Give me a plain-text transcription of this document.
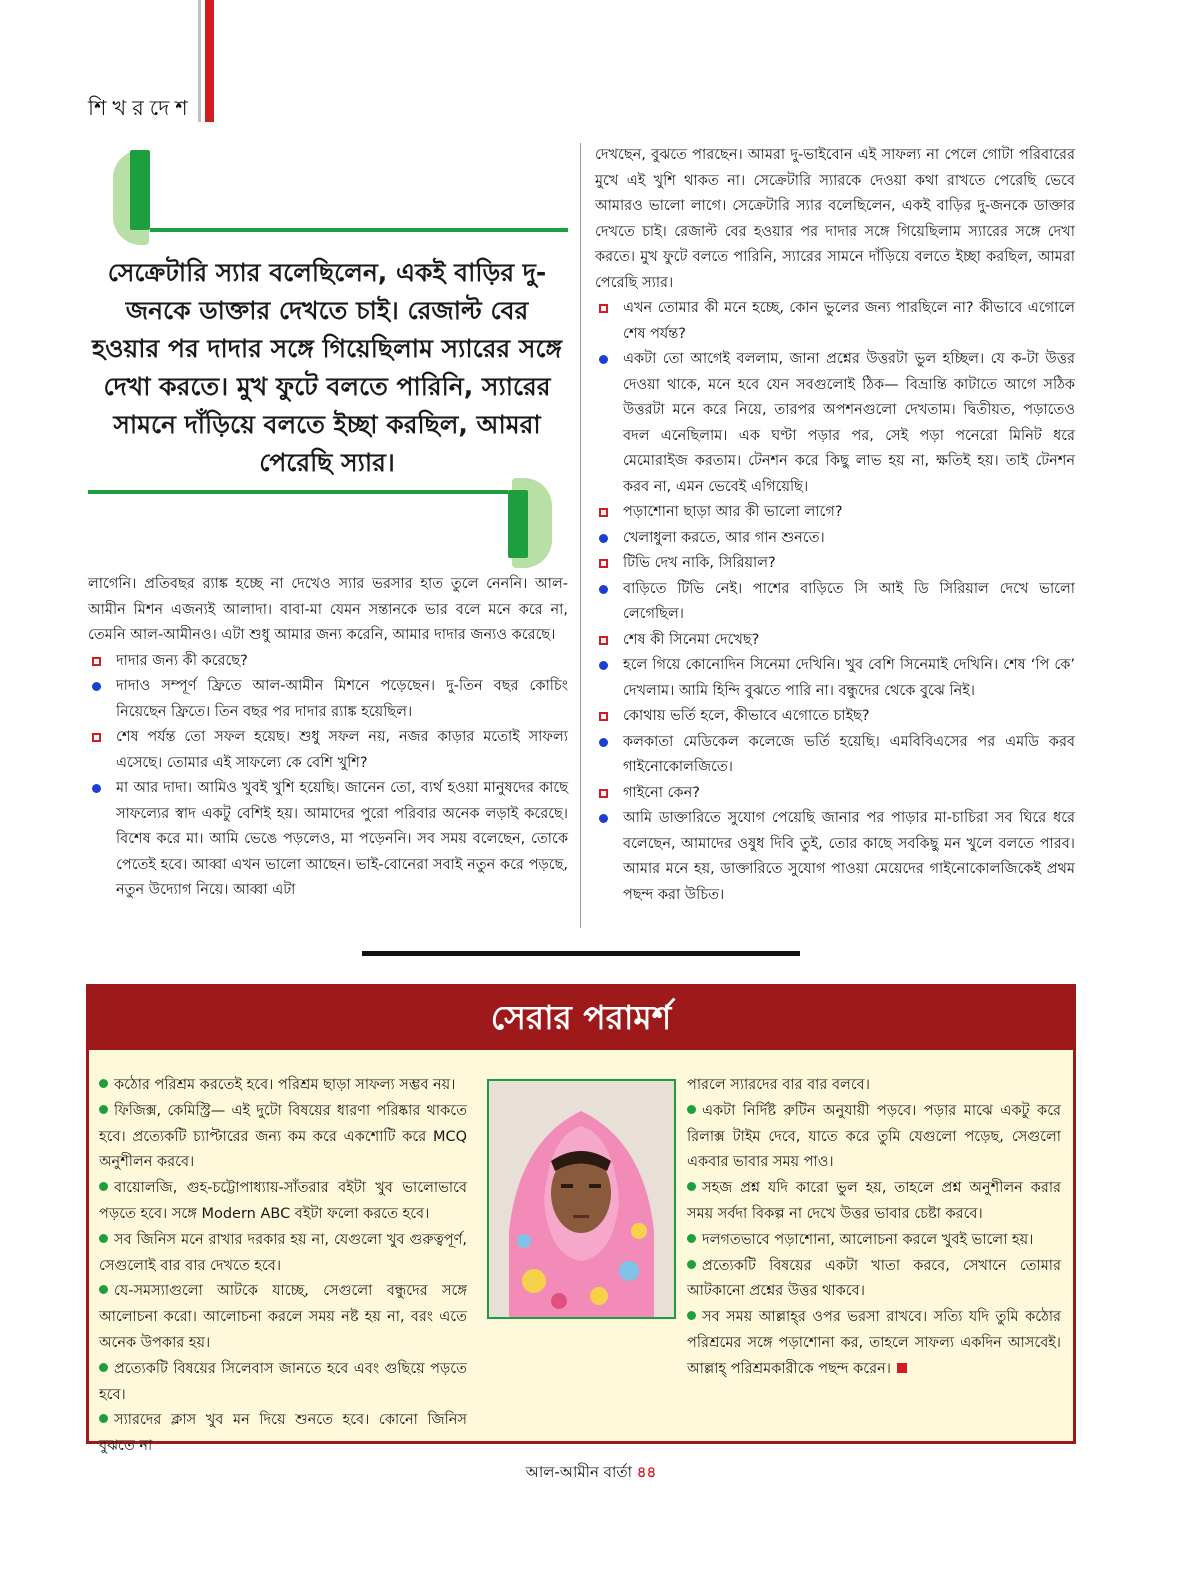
শিখরদেশ
সেক্রেটারি স্যার বলেছিলেন, একই বাড়ির দু-জনকে ডাক্তার দেখতে চাই। রেজাল্ট বের হওয়ার পর দাদার সঙ্গে গিয়েছিলাম স্যারের সঙ্গে দেখা করতে। মুখ ফুটে বলতে পারিনি, স্যারের সামনে দাঁড়িয়ে বলতে ইচ্ছা করছিল, আমরা পেরেছি স্যার।

লাগেনি। প্রতিবছর র‍্যাঙ্ক হচ্ছে না দেখেও স্যার ভরসার হাত তুলে নেননি। আল-আমীন মিশন এজন্যই আলাদা। বাবা-মা যেমন সন্তানকে ভার বলে মনে করে না, তেমনি আল-আমীনও। এটা শুধু আমার জন্য করেনি, আমার দাদার জন্যও করেছে।

দাদার জন্য কী করেছে?

দাদাও সম্পূর্ণ ফ্রিতে আল-আমীন মিশনে পড়েছেন। দু-তিন বছর কোচিং নিয়েছেন ফ্রিতে। তিন বছর পর দাদার র‍্যাঙ্ক হয়েছিল।

শেষ পর্যন্ত তো সফল হয়েছ। শুধু সফল নয়, নজর কাড়ার মতোই সাফল্য এসেছে। তোমার এই সাফল্যে কে বেশি খুশি?

মা আর দাদা। আমিও খুবই খুশি হয়েছি। জানেন তো, ব্যর্থ হওয়া মানুষদের কাছে সাফল্যের স্বাদ একটু বেশিই হয়। আমাদের পুরো পরিবার অনেক লড়াই করেছে। বিশেষ করে মা। আমি ভেঙে পড়লেও, মা পড়েননি। সব সময় বলেছেন, তোকে পেতেই হবে। আব্বা এখন ভালো আছেন। ভাই-বোনেরা সবাই নতুন করে পড়ছে, নতুন উদ্যোগ নিয়ে। আব্বা এটা

দেখছেন, বুঝতে পারছেন। আমরা দু-ভাইবোন এই সাফল্য না পেলে গোটা পরিবারের মুখে এই খুশি থাকত না। সেক্রেটারি স্যারকে দেওয়া কথা রাখতে পেরেছি ভেবে আমারও ভালো লাগে। সেক্রেটারি স্যার বলেছিলেন, একই বাড়ির দু-জনকে ডাক্তার দেখতে চাই। রেজাল্ট বের হওয়ার পর দাদার সঙ্গে গিয়েছিলাম স্যারের সঙ্গে দেখা করতে। মুখ ফুটে বলতে পারিনি, স্যারের সামনে দাঁড়িয়ে বলতে ইচ্ছা করছিল, আমরা পেরেছি স্যার।

এখন তোমার কী মনে হচ্ছে, কোন ভুলের জন্য পারছিলে না? কীভাবে এগোলে শেষ পর্যন্ত?

একটা তো আগেই বললাম, জানা প্রশ্নের উত্তরটা ভুল হচ্ছিল। যে ক-টা উত্তর দেওয়া থাকে, মনে হবে যেন সবগুলোই ঠিক— বিভ্রান্তি কাটাতে আগে সঠিক উত্তরটা মনে করে নিয়ে, তারপর অপশনগুলো দেখতাম। দ্বিতীয়ত, পড়াতেও বদল এনেছিলাম। এক ঘণ্টা পড়ার পর, সেই পড়া পনেরো মিনিট ধরে মেমোরাইজ করতাম। টেনশন করে কিছু লাভ হয় না, ক্ষতিই হয়। তাই টেনশন করব না, এমন ভেবেই এগিয়েছি।

পড়াশোনা ছাড়া আর কী ভালো লাগে?

খেলাধুলা করতে, আর গান শুনতে।

টিভি দেখ নাকি, সিরিয়াল?

বাড়িতে টিভি নেই। পাশের বাড়িতে সি আই ডি সিরিয়াল দেখে ভালো লেগেছিল।

শেষ কী সিনেমা দেখেছ?

হলে গিয়ে কোনোদিন সিনেমা দেখিনি। খুব বেশি সিনেমাই দেখিনি। শেষ ‘পি কে’ দেখলাম। আমি হিন্দি বুঝতে পারি না। বন্ধুদের থেকে বুঝে নিই।

কোথায় ভর্তি হলে, কীভাবে এগোতে চাইছ?

কলকাতা মেডিকেল কলেজে ভর্তি হয়েছি। এমবিবিএসের পর এমডি করব গাইনোকোলজিতে।

গাইনো কেন?

আমি ডাক্তারিতে সুযোগ পেয়েছি জানার পর পাড়ার মা-চাচিরা সব ঘিরে ধরে বলেছেন, আমাদের ওষুধ দিবি তুই, তোর কাছে সবকিছু মন খুলে বলতে পারব। আমার মনে হয়, ডাক্তারিতে সুযোগ পাওয়া মেয়েদের গাইনোকোলজিকেই প্রথম পছন্দ করা উচিত।

সেরার পরামর্শ
কঠোর পরিশ্রম করতেই হবে। পরিশ্রম ছাড়া সাফল্য সম্ভব নয়।
ফিজিক্স, কেমিস্ট্রি— এই দুটো বিষয়ের ধারণা পরিষ্কার থাকতে হবে। প্রত্যেকটি চ্যাপ্টারের জন্য কম করে একশোটি করে MCQ অনুশীলন করবে।
বায়োলজি, গুহ-চট্টোপাধ্যায়-সাঁতরার বইটা খুব ভালোভাবে পড়তে হবে। সঙ্গে Modern ABC বইটা ফলো করতে হবে।
সব জিনিস মনে রাখার দরকার হয় না, যেগুলো খুব গুরুত্বপূর্ণ, সেগুলোই বার বার দেখতে হবে।
যে-সমস্যাগুলো আটকে যাচ্ছে, সেগুলো বন্ধুদের সঙ্গে আলোচনা করো। আলোচনা করলে সময় নষ্ট হয় না, বরং এতে অনেক উপকার হয়।
প্রত্যেকটি বিষয়ের সিলেবাস জানতে হবে এবং গুছিয়ে পড়তে হবে।
স্যারদের ক্লাস খুব মন দিয়ে শুনতে হবে। কোনো জিনিস বুঝতে না
পারলে স্যারদের বার বার বলবে।
একটা নির্দিষ্ট রুটিন অনুযায়ী পড়বে। পড়ার মাঝে একটু করে রিলাক্স টাইম দেবে, যাতে করে তুমি যেগুলো পড়েছ, সেগুলো একবার ভাবার সময় পাও।
সহজ প্রশ্ন যদি কারো ভুল হয়, তাহলে প্রশ্ন অনুশীলন করার সময় সর্বদা বিকল্প না দেখে উত্তর ভাবার চেষ্টা করবে।
দলগতভাবে পড়াশোনা, আলোচনা করলে খুবই ভালো হয়।
প্রত্যেকটি বিষয়ের একটা খাতা করবে, সেখানে তোমার আটকানো প্রশ্নের উত্তর থাকবে।
সব সময় আল্লাহ্‌র ওপর ভরসা রাখবে। সত্যি যদি তুমি কঠোর পরিশ্রমের সঙ্গে পড়াশোনা কর, তাহলে সাফল্য একদিন আসবেই। আল্লাহ্‌ পরিশ্রমকারীকে পছন্দ করেন।
আল-আমীন বার্তা ৪৪
